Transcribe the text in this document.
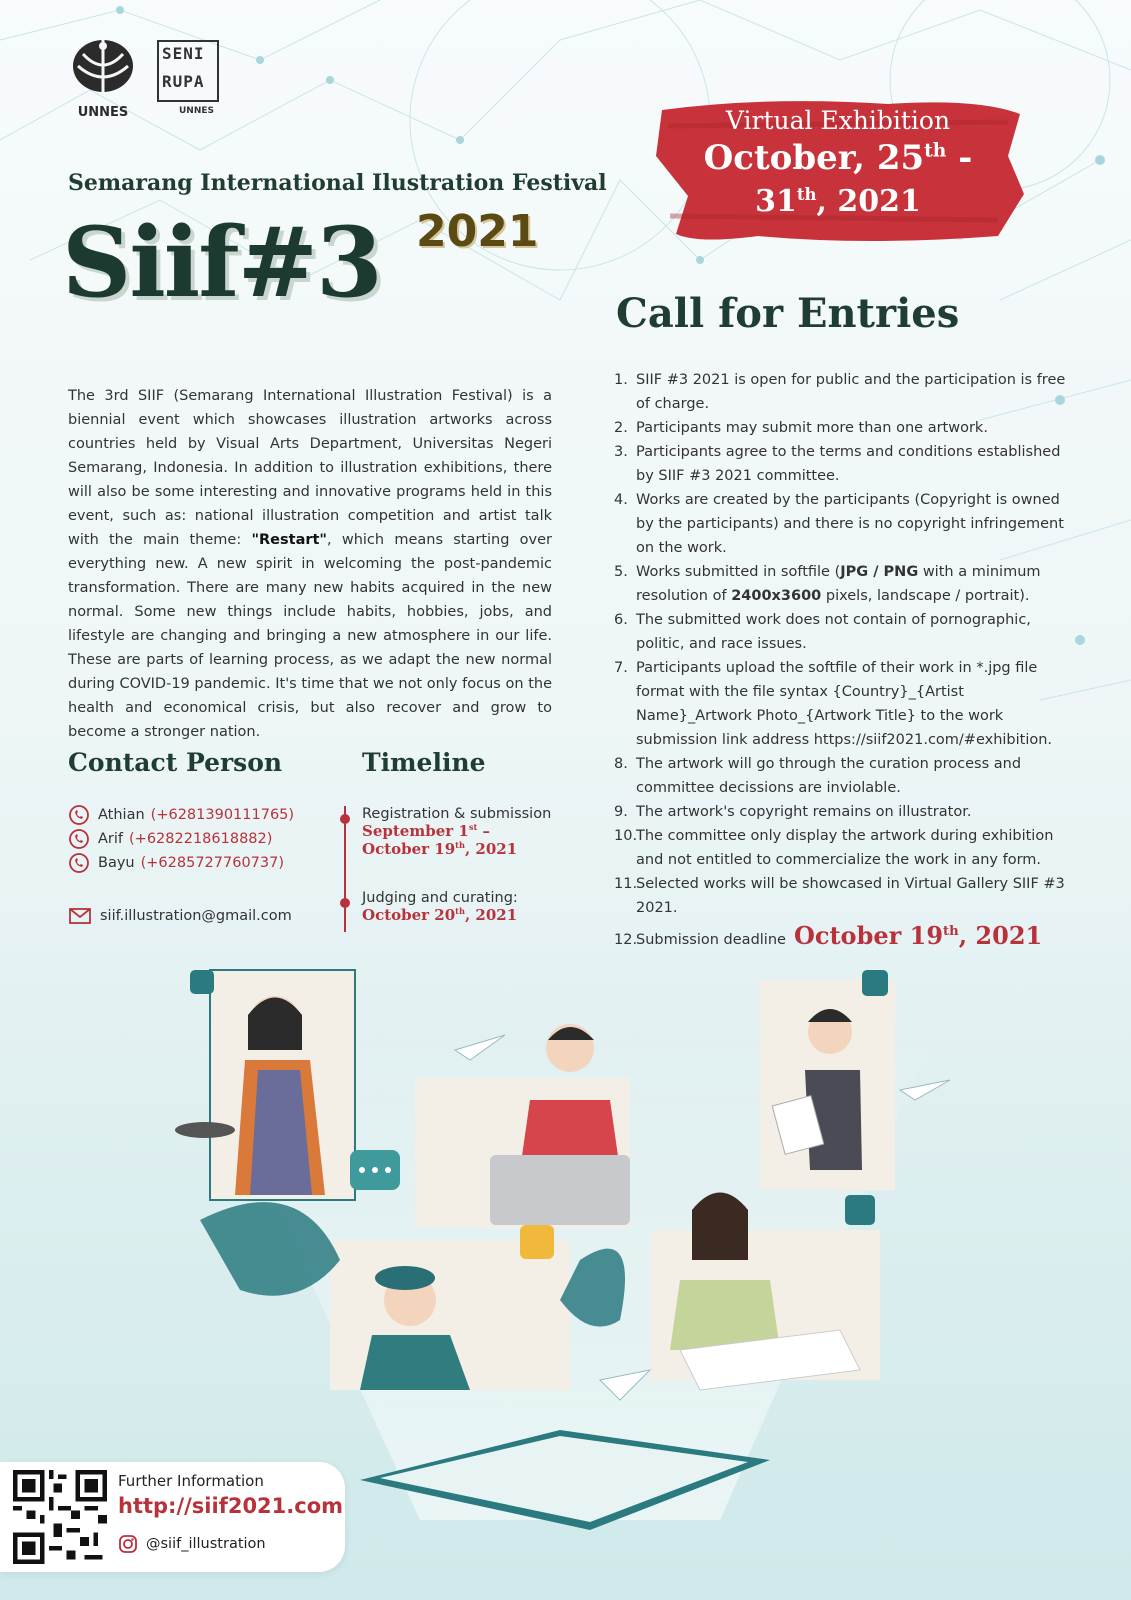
UNNES
SENI
RUPA
UNNES	Virtual Exhibition
October, 25th -
31th, 2021
Semarang International Ilustration Festival
Siif#3 2021
The 3rd SIIF (Semarang International Illustration Festival) is a biennial event which showcases illustration artworks across countries held by Visual Arts Department, Universitas Negeri Semarang, Indonesia. In addition to illustration exhibitions, there will also be some interesting and innovative programs held in this event, such as: national illustration competition and artist talk with the main theme: "Restart", which means starting over everything new. A new spirit in welcoming the post-pandemic transformation. There are many new habits acquired in the new normal. Some new things include habits, hobbies, jobs, and lifestyle are changing and bringing a new atmosphere in our life. These are parts of learning process, as we adapt the new normal during COVID-19 pandemic. It's time that we not only focus on the health and economical crisis, but also recover and grow to become a stronger nation.
Contact Person
Athian (+6281390111765)
Arif (+6282218618882)
Bayu (+6285727760737)
siif.illustration@gmail.com
Timeline
Registration & submission
September 1st –
October 19th, 2021
Judging and curating:
October 20th, 2021
Call for Entries
1. SIIF #3 2021 is open for public and the participation is free of charge.
2. Participants may submit more than one artwork.
3. Participants agree to the terms and conditions established by SIIF #3 2021 committee.
4. Works are created by the participants (Copyright is owned by the participants) and there is no copyright infringement on the work.
5. Works submitted in softfile (JPG / PNG with a minimum resolution of 2400x3600 pixels, landscape / portrait).
6. The submitted work does not contain of pornographic, politic, and race issues.
7. Participants upload the softfile of their work in *.jpg file format with the file syntax {Country}_{Artist Name}_Artwork Photo_{Artwork Title} to the work submission link address https://siif2021.com/#exhibition.
8. The artwork will go through the curation process and committee decissions are inviolable.
9. The artwork's copyright remains on illustrator.
10.
The committee only display the artwork during exhibition and not entitled to commercialize the work in any form.
11.
Selected works will be showcased in Virtual Gallery SIIF #3 2021.
12.
Submission deadline October 19th, 2021
Further Information
http://siif2021.com
@siif_illustration
